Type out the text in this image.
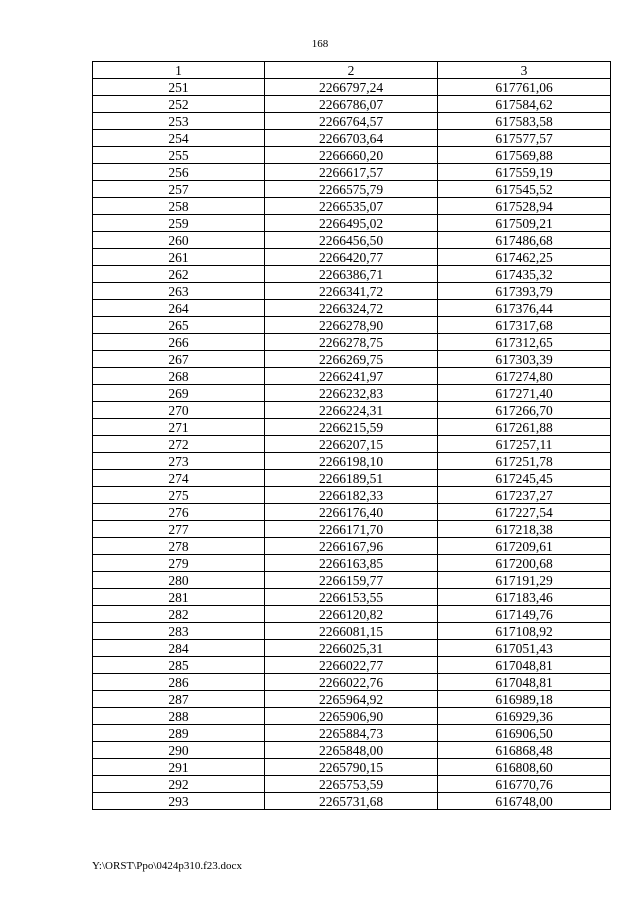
168
1	2	3
251	2266797,24	617761,06
252	2266786,07	617584,62
253	2266764,57	617583,58
254	2266703,64	617577,57
255	2266660,20	617569,88
256	2266617,57	617559,19
257	2266575,79	617545,52
258	2266535,07	617528,94
259	2266495,02	617509,21
260	2266456,50	617486,68
261	2266420,77	617462,25
262	2266386,71	617435,32
263	2266341,72	617393,79
264	2266324,72	617376,44
265	2266278,90	617317,68
266	2266278,75	617312,65
267	2266269,75	617303,39
268	2266241,97	617274,80
269	2266232,83	617271,40
270	2266224,31	617266,70
271	2266215,59	617261,88
272	2266207,15	617257,11
273	2266198,10	617251,78
274	2266189,51	617245,45
275	2266182,33	617237,27
276	2266176,40	617227,54
277	2266171,70	617218,38
278	2266167,96	617209,61
279	2266163,85	617200,68
280	2266159,77	617191,29
281	2266153,55	617183,46
282	2266120,82	617149,76
283	2266081,15	617108,92
284	2266025,31	617051,43
285	2266022,77	617048,81
286	2266022,76	617048,81
287	2265964,92	616989,18
288	2265906,90	616929,36
289	2265884,73	616906,50
290	2265848,00	616868,48
291	2265790,15	616808,60
292	2265753,59	616770,76
293	2265731,68	616748,00
Y:\ORST\Ppo\0424p310.f23.docx
